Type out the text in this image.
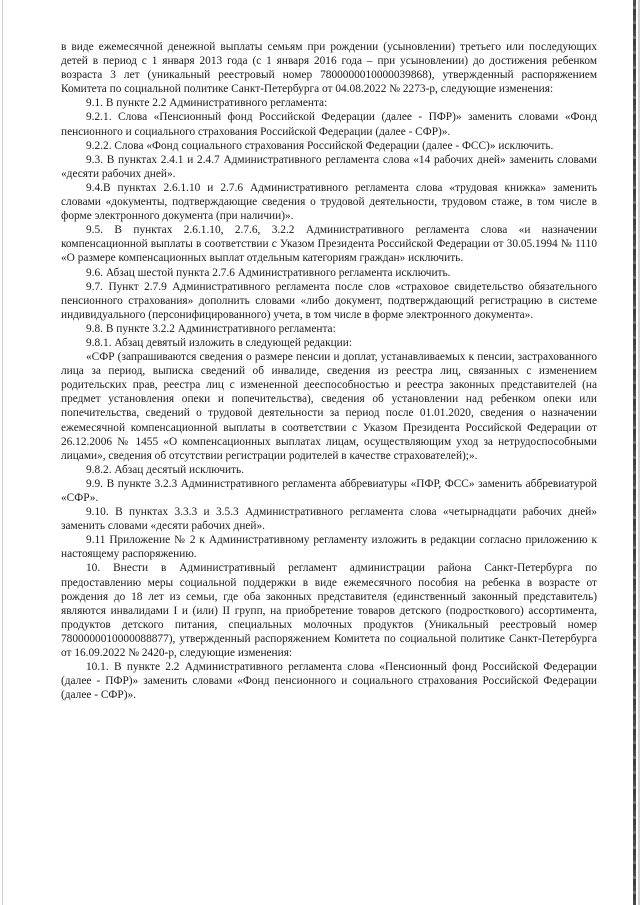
в виде ежемесячной денежной выплаты семьям при рождении (усыновлении) третьего или последующих детей в период с 1 января 2013 года (с 1 января 2016 года – при усыновлении) до достижения ребенком возраста 3 лет (уникальный реестровый номер 7800000010000039868), утвержденный распоряжением Комитета по социальной политике Санкт-Петербурга от 04.08.2022 № 2273-р, следующие изменения:

9.1. В пункте 2.2 Административного регламента:

9.2.1. Слова «Пенсионный фонд Российской Федерации (далее - ПФР)» заменить словами «Фонд пенсионного и социального страхования Российской Федерации (далее - СФР)».

9.2.2. Слова «Фонд социального страхования Российской Федерации (далее - ФСС)» исключить.

9.3. В пунктах 2.4.1 и 2.4.7 Административного регламента слова «14 рабочих дней» заменить словами «десяти рабочих дней».

9.4.В пунктах 2.6.1.10 и 2.7.6 Административного регламента слова «трудовая книжка» заменить словами «документы, подтверждающие сведения о трудовой деятельности, трудовом стаже, в том числе в форме электронного документа (при наличии)».

9.5. В пунктах 2.6.1.10, 2.7.6, 3.2.2 Административного регламента слова «и назначении компенсационной выплаты в соответствии с Указом Президента Российской Федерации от 30.05.1994 № 1110 «О размере компенсационных выплат отдельным категориям граждан» исключить.

9.6. Абзац шестой пункта 2.7.6 Административного регламента исключить.

9.7. Пункт 2.7.9 Административного регламента после слов «страховое свидетельство обязательного пенсионного страхования» дополнить словами «либо документ, подтверждающий регистрацию в системе индивидуального (персонифицированного) учета, в том числе в форме электронного документа».

9.8. В пункте 3.2.2 Административного регламента:

9.8.1. Абзац девятый изложить в следующей редакции:

«СФР (запрашиваются сведения о размере пенсии и доплат, устанавливаемых к пенсии, застрахованного лица за период, выписка сведений об инвалиде, сведения из реестра лиц, связанных с изменением родительских прав, реестра лиц с измененной дееспособностью и реестра законных представителей (на предмет установления опеки и попечительства), сведения об установлении над ребенком опеки или попечительства, сведений о трудовой деятельности за период после 01.01.2020, сведения о назначении ежемесячной компенсационной выплаты в соответствии с Указом Президента Российской Федерации от 26.12.2006 № 1455 «О компенсационных выплатах лицам, осуществляющим уход за нетрудоспособными лицами», сведения об отсутствии регистрации родителей в качестве страхователей);».

9.8.2. Абзац десятый исключить.

9.9. В пункте 3.2.3 Административного регламента аббревиатуры «ПФР, ФСС» заменить аббревиатурой «СФР».

9.10. В пунктах 3.3.3 и 3.5.3 Административного регламента слова «четырнадцати рабочих дней» заменить словами «десяти рабочих дней».

9.11 Приложение № 2 к Административному регламенту изложить в редакции согласно приложению к настоящему распоряжению.

10. Внести в Административный регламент администрации района Санкт-Петербурга по предоставлению меры социальной поддержки в виде ежемесячного пособия на ребенка в возрасте от рождения до 18 лет из семьи, где оба законных представителя (единственный законный представитель) являются инвалидами I и (или) II групп, на приобретение товаров детского (подросткового) ассортимента, продуктов детского питания, специальных молочных продуктов (Уникальный реестровый номер 7800000010000088877), утвержденный распоряжением Комитета по социальной политике Санкт-Петербурга от 16.09.2022 № 2420-р, следующие изменения:

10.1. В пункте 2.2 Административного регламента слова «Пенсионный фонд Российской Федерации (далее - ПФР)» заменить словами «Фонд пенсионного и социального страхования Российской Федерации (далее - СФР)».
